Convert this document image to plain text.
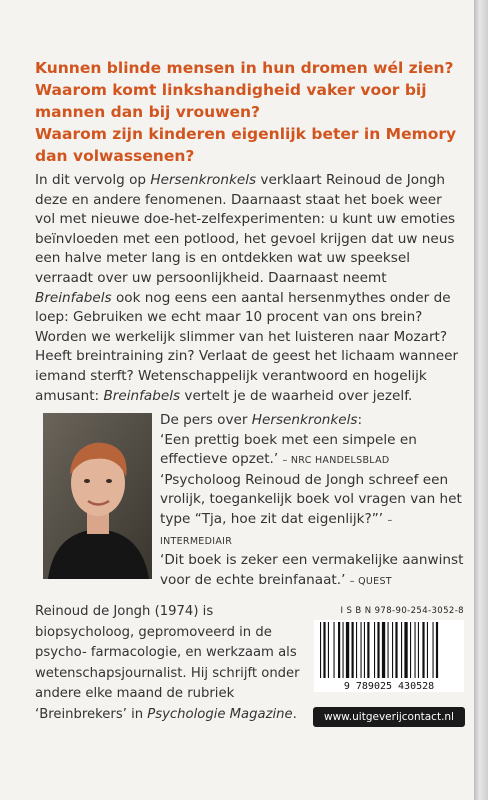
Kunnen blinde mensen in hun dromen wél zien?
Waarom komt linkshandigheid vaker voor bij mannen dan bij vrouwen?
Waarom zijn kinderen eigenlijk beter in Memory dan volwassenen?
In dit vervolg op Hersenkronkels verklaart Reinoud de Jongh deze en andere fenomenen. Daarnaast staat het boek weer vol met nieuwe doe-het-zelfexperimenten: u kunt uw emoties beïnvloeden met een potlood, het gevoel krijgen dat uw neus een halve meter lang is en ontdekken wat uw speeksel verraadt over uw persoonlijkheid. Daarnaast neemt Breinfabels ook nog eens een aantal hersenmythes onder de loep: Gebruiken we echt maar 10 procent van ons brein? Worden we werkelijk slimmer van het luisteren naar Mozart? Heeft breintraining zin? Verlaat de geest het lichaam wanneer iemand sterft? Wetenschappelijk verantwoord en hogelijk amusant: Breinfabels vertelt je de waarheid over jezelf.
De pers over Hersenkronkels:
‘Een prettig boek met een simpele en effectieve opzet.’ – NRC HANDELSBLAD
‘Psycholoog Reinoud de Jongh schreef een vrolijk, toegankelijk boek vol vragen van het type “Tja, hoe zit dat eigenlijk?”’ – INTERMEDIAIR
‘Dit boek is zeker een vermakelijke aanwinst voor de echte breinfanaat.’ – QUEST
Reinoud de Jongh (1974) is biopsycholoog, gepromoveerd in de psycho- farmacologie, en werkzaam als wetenschapsjournalist. Hij schrijft onder andere elke maand de rubriek ‘Breinbrekers’ in Psychologie Magazine.
I S B N 978-90-254-3052-8
9 789025 430528
www.uitgeverijcontact.nl
